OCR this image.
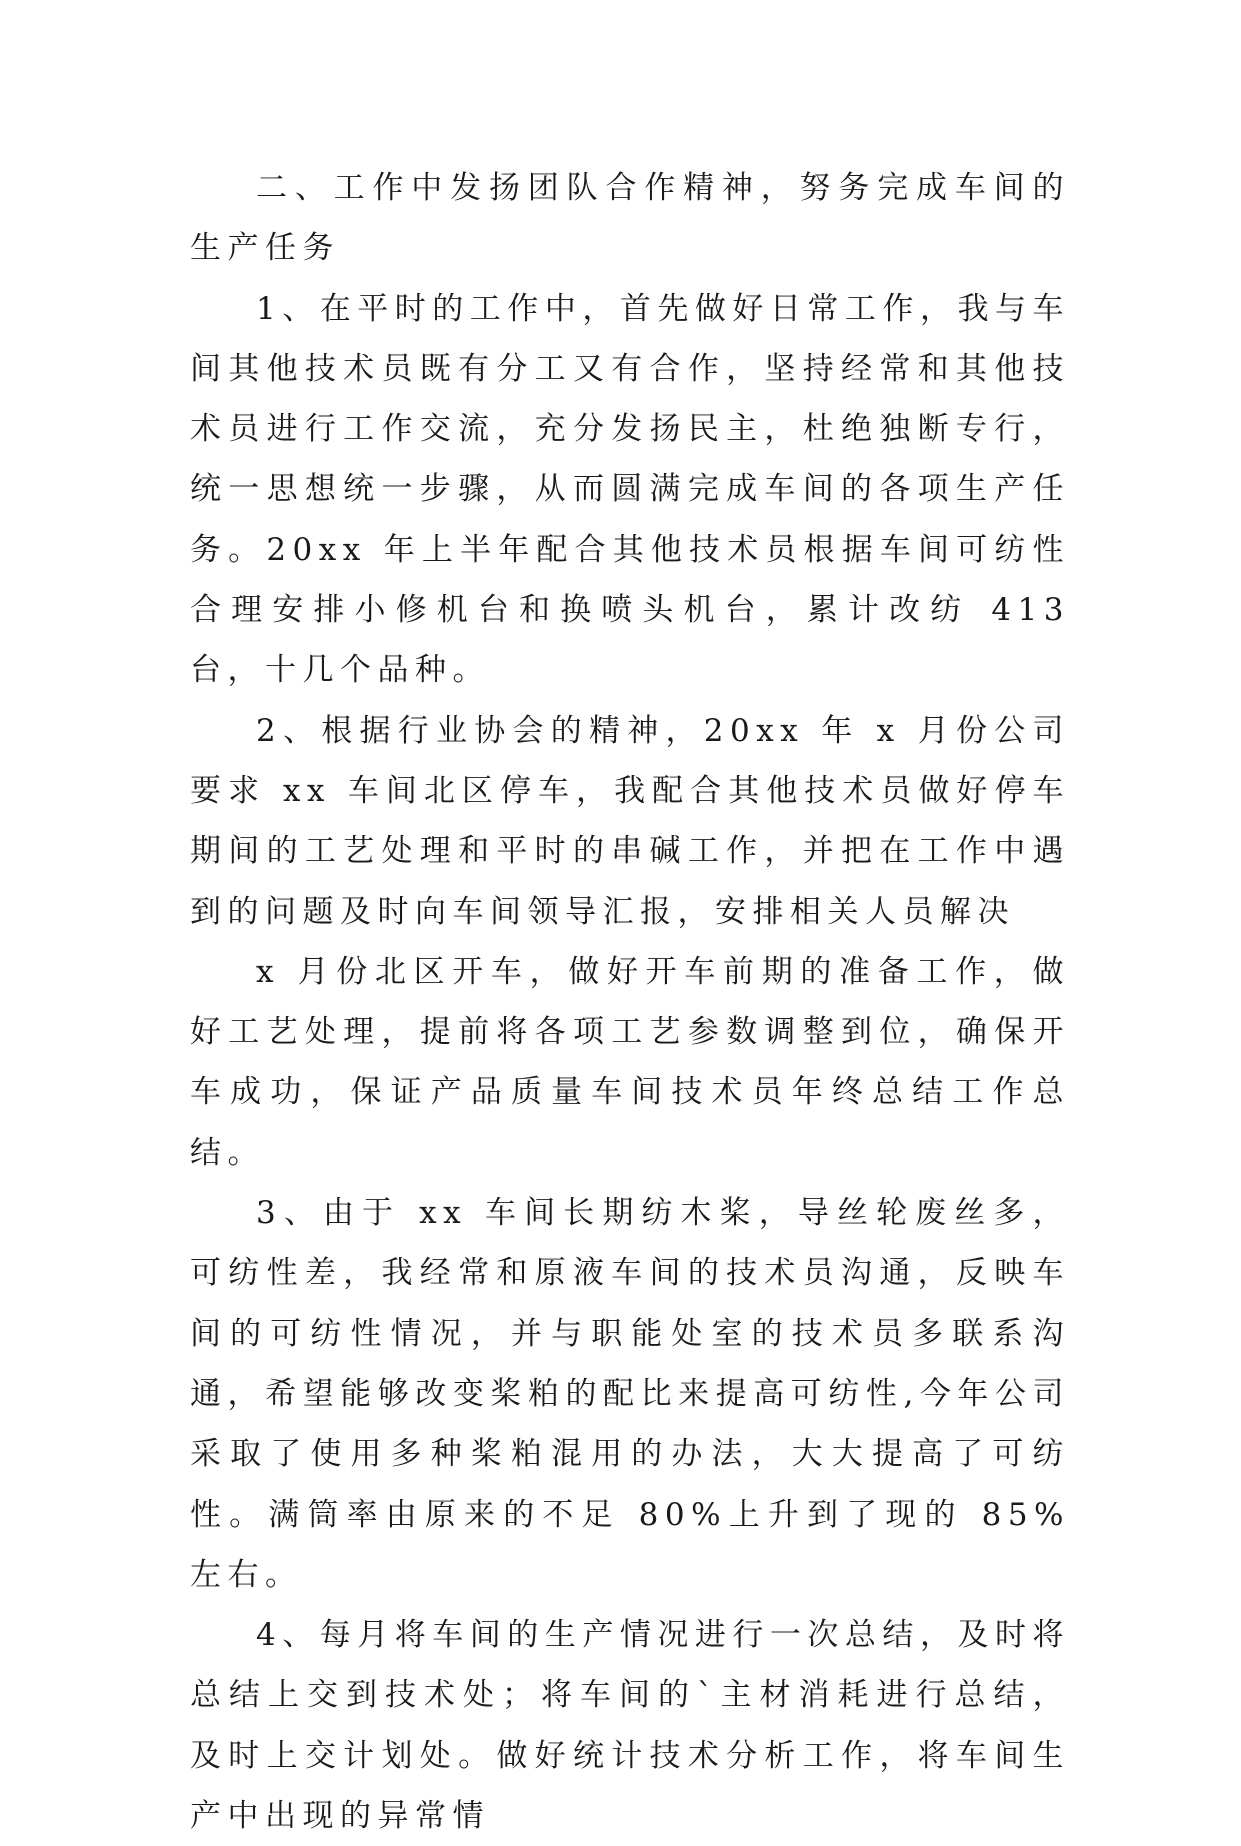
二、工作中发扬团队合作精神，努务完成车间的生产任务

1、在平时的工作中，首先做好日常工作，我与车间其他技术员既有分工又有合作，坚持经常和其他技术员进行工作交流，充分发扬民主，杜绝独断专行，统一思想统一步骤，从而圆满完成车间的各项生产任务。20xx 年上半年配合其他技术员根据车间可纺性合理安排小修机台和换喷头机台，累计改纺 413 台，十几个品种。

2、根据行业协会的精神，20xx 年 x 月份公司要求 xx 车间北区停车，我配合其他技术员做好停车期间的工艺处理和平时的串碱工作，并把在工作中遇到的问题及时向车间领导汇报，安排相关人员解决

x 月份北区开车，做好开车前期的准备工作，做好工艺处理，提前将各项工艺参数调整到位，确保开车成功，保证产品质量车间技术员年终总结工作总结。

3、由于 xx 车间长期纺木桨，导丝轮废丝多，可纺性差，我经常和原液车间的技术员沟通，反映车间的可纺性情况，并与职能处室的技术员多联系沟通，希望能够改变桨粕的配比来提高可纺性,今年公司采取了使用多种桨粕混用的办法，大大提高了可纺性。满筒率由原来的不足 80%上升到了现的 85%左右。

4、每月将车间的生产情况进行一次总结，及时将总结上交到技术处；将车间的`主材消耗进行总结，及时上交计划处。做好统计技术分析工作，将车间生产中出现的异常情
